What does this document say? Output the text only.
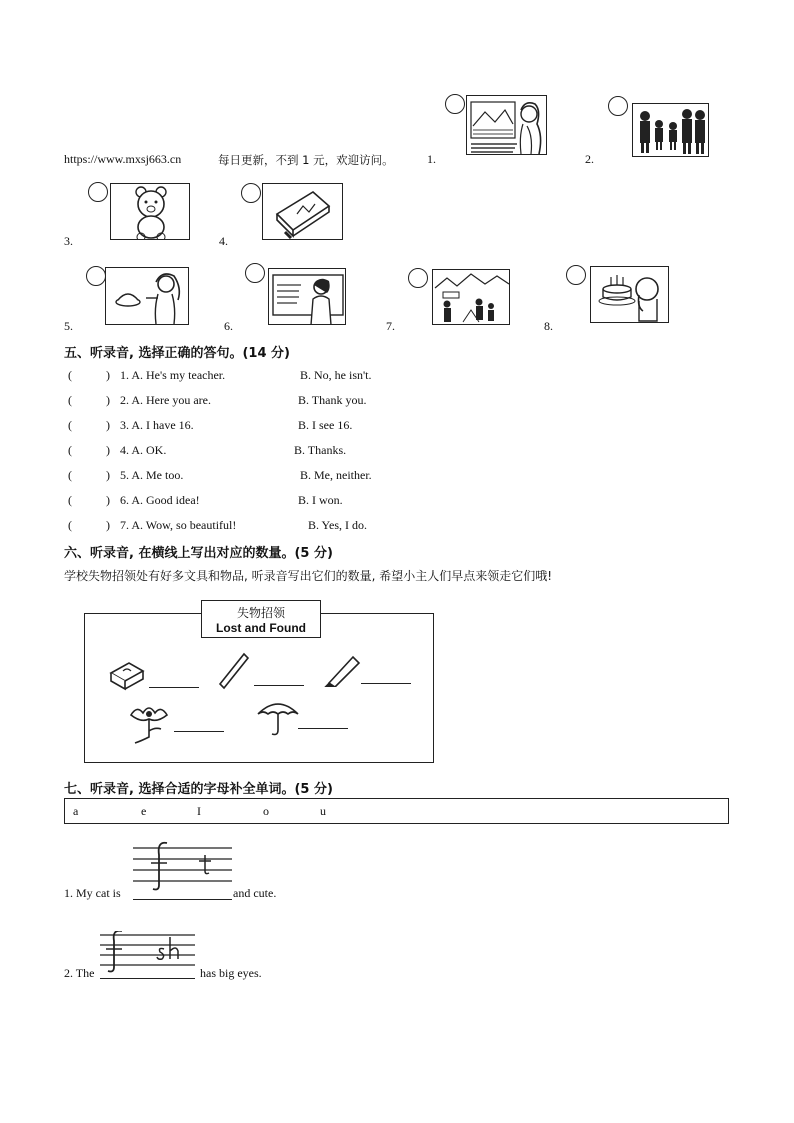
https://www.mxsj663.cn	每日更新，不到 1 元，欢迎访问。	1.	2.
3.	4.
5.	6.	7.	8.
五、听录音, 选择正确的答句。(14 分)
(	) 1. A. He's my teacher.	B. No, he isn't.
(	) 2. A. Here you are.	B. Thank you.
(	) 3. A. I have 16.	B. I see 16.
(	) 4. A. OK.	B. Thanks.
(	) 5. A. Me too.	B. Me, neither.
(	) 6. A. Good idea!	B. I won.
(	) 7. A. Wow, so beautiful!	B. Yes, I do.
六、听录音, 在横线上写出对应的数量。(5 分)
学校失物招领处有好多文具和物品, 听录音写出它们的数量, 希望小主人们早点来领走它们哦!
失物招领
Lost and Found
七、听录音, 选择合适的字母补全单词。(5 分)
a	e	I	o	u
1. My cat is	and cute.
2. The	has big eyes.
